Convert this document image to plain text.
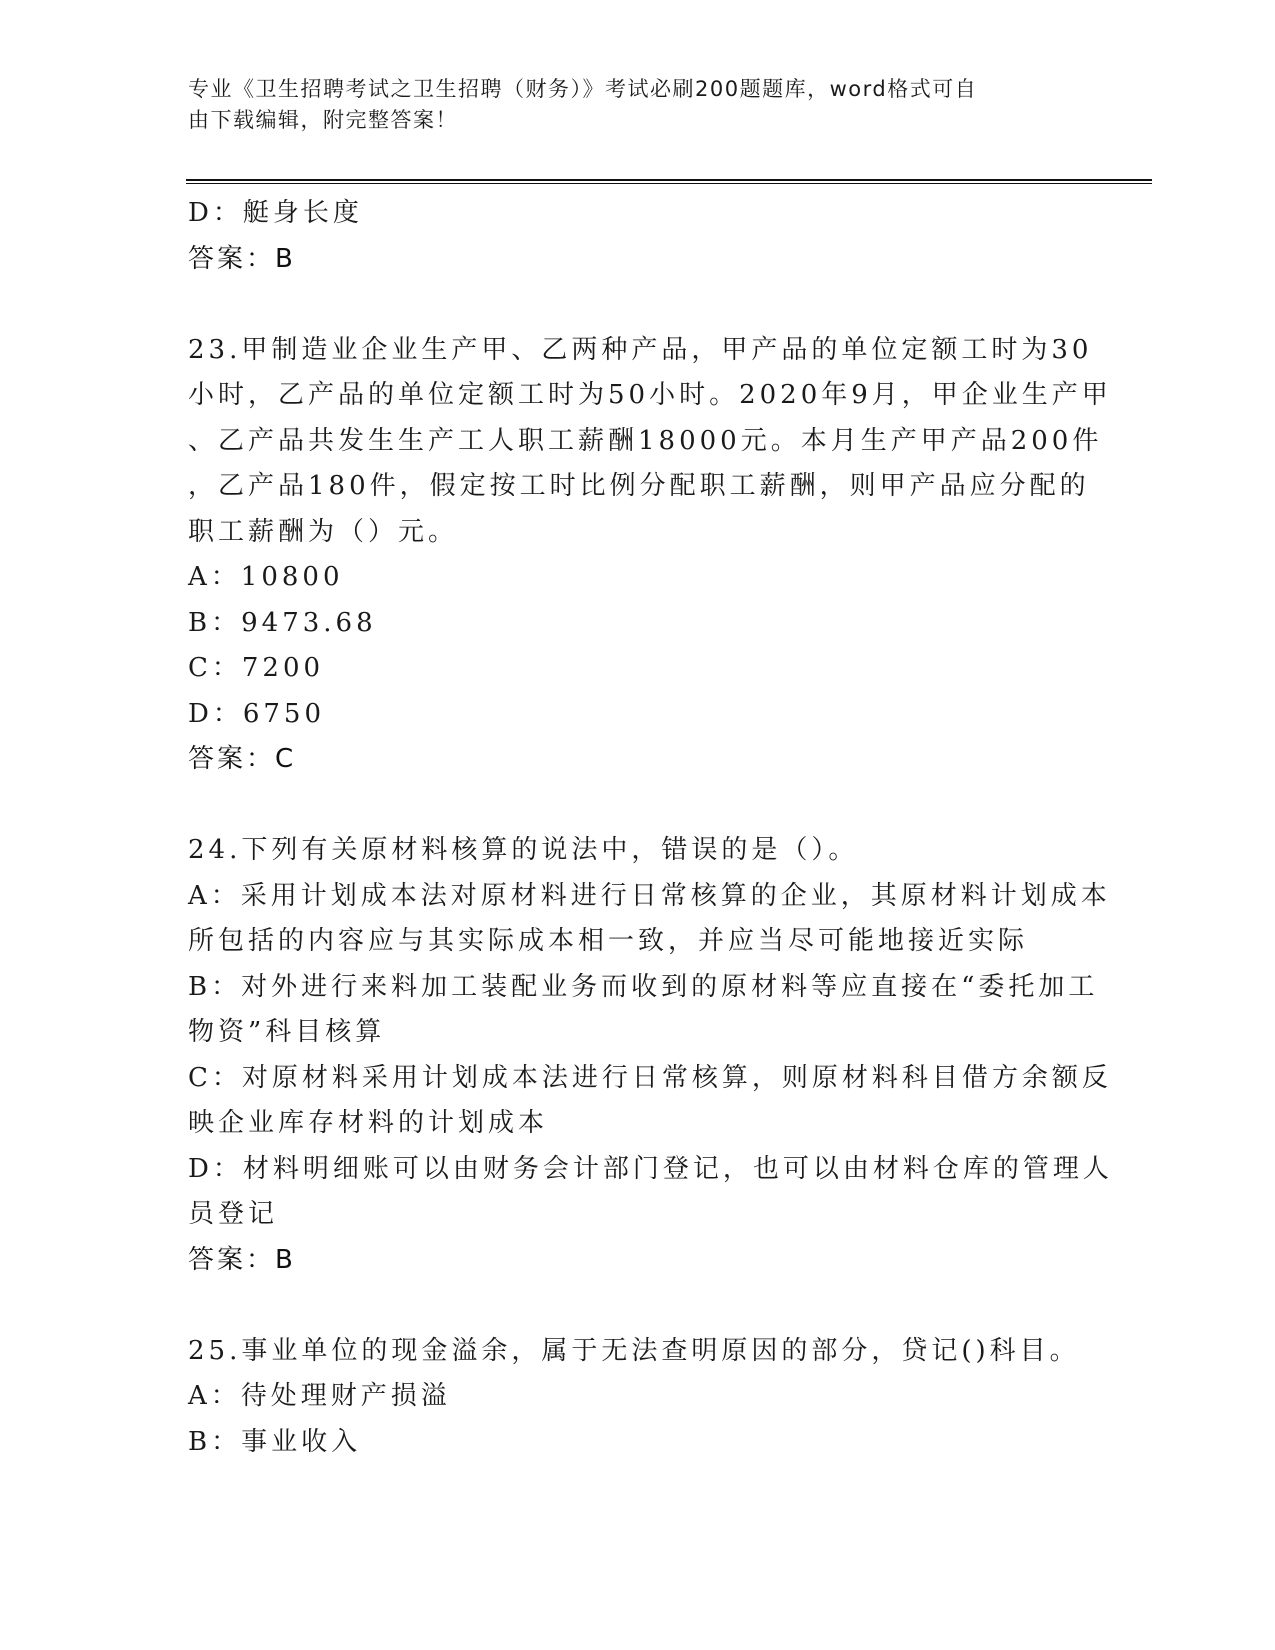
专业《卫生招聘考试之卫生招聘（财务）》考试必刷200题题库，word格式可自
由下载编辑，附完整答案！
D：艇身长度
答案：B
23.甲制造业企业生产甲、乙两种产品，甲产品的单位定额工时为30
小时，乙产品的单位定额工时为50小时。2020年9月，甲企业生产甲
、乙产品共发生生产工人职工薪酬18000元。本月生产甲产品200件
，乙产品180件，假定按工时比例分配职工薪酬，则甲产品应分配的
职工薪酬为（）元。
A：10800
B：9473.68
C：7200
D：6750
答案：C
24.下列有关原材料核算的说法中，错误的是（）。
A：采用计划成本法对原材料进行日常核算的企业，其原材料计划成本
所包括的内容应与其实际成本相一致，并应当尽可能地接近实际
B：对外进行来料加工装配业务而收到的原材料等应直接在“委托加工
物资”科目核算
C：对原材料采用计划成本法进行日常核算，则原材料科目借方余额反
映企业库存材料的计划成本
D：材料明细账可以由财务会计部门登记，也可以由材料仓库的管理人
员登记
答案：B
25.事业单位的现金溢余，属于无法查明原因的部分，贷记()科目。
A：待处理财产损溢
B：事业收入
